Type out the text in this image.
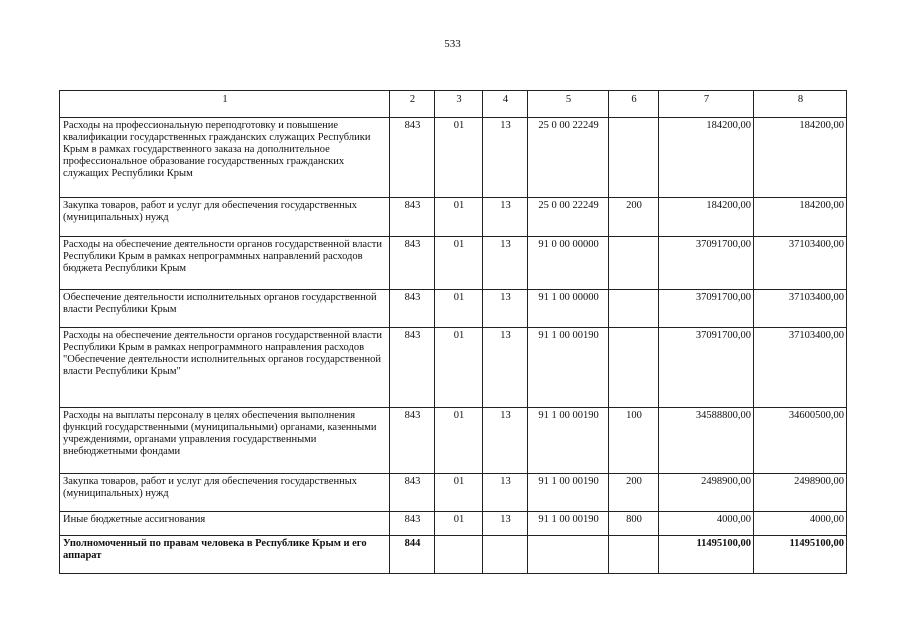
533
1	2	3	4	5	6	7	8
Расходы на профессиональную переподготовку и повышение квалификации государственных гражданских служащих Республики Крым в рамках государственного заказа на дополнительное профессиональное образование государственных гражданских служащих Республики Крым	843	01	13	25 0 00 22249		184200,00	184200,00
Закупка товаров, работ и услуг для обеспечения государственных (муниципальных) нужд	843	01	13	25 0 00 22249	200	184200,00	184200,00
Расходы на обеспечение деятельности органов государственной власти Республики Крым в рамках непрограммных направлений расходов бюджета Республики Крым	843	01	13	91 0 00 00000		37091700,00	37103400,00
Обеспечение деятельности исполнительных органов государственной власти Республики Крым	843	01	13	91 1 00 00000		37091700,00	37103400,00
Расходы на обеспечение деятельности органов государственной власти Республики Крым в рамках непрограммного направления расходов "Обеспечение деятельности исполнительных органов государственной власти Республики Крым"	843	01	13	91 1 00 00190		37091700,00	37103400,00
Расходы на выплаты персоналу в целях обеспечения выполнения функций государственными (муниципальными) органами, казенными учреждениями, органами управления государственными внебюджетными фондами	843	01	13	91 1 00 00190	100	34588800,00	34600500,00
Закупка товаров, работ и услуг для обеспечения государственных (муниципальных) нужд	843	01	13	91 1 00 00190	200	2498900,00	2498900,00
Иные бюджетные ассигнования	843	01	13	91 1 00 00190	800	4000,00	4000,00
Уполномоченный по правам человека в Республике Крым и его аппарат	844					11495100,00	11495100,00
